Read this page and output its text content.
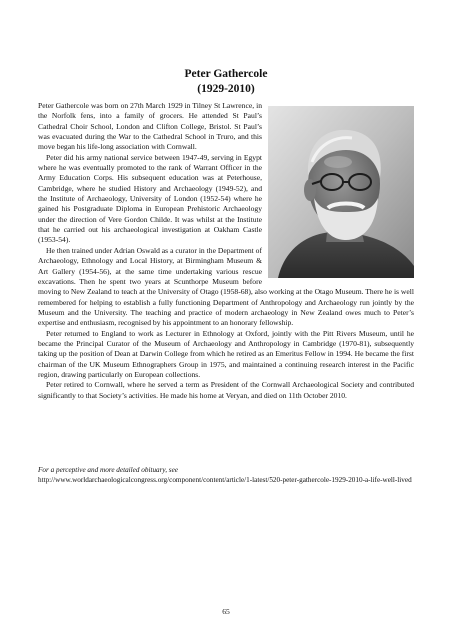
Peter Gathercole
(1929-2010)

Peter Gathercole was born on 27th March 1929 in Tilney St Lawrence, in the Norfolk fens, into a family of grocers. He attended St Paul’s Cathedral Choir School, London and Clifton College, Bristol. St Paul’s was evacuated during the War to the Cathedral School in Truro, and this move began his life-long association with Cornwall.

Peter did his army national service between 1947-49, serving in Egypt where he was eventually promoted to the rank of Warrant Officer in the Army Education Corps. His subsequent education was at Peterhouse, Cambridge, where he studied History and Archaeology (1949-52), and the Institute of Archaeology, University of London (1952-54) where he gained his Postgraduate Diploma in European Prehistoric Archaeology under the direction of Vere Gordon Childe. It was whilst at the Institute that he carried out his archaeological investigation at Oakham Castle (1953-54).

He then trained under Adrian Oswald as a curator in the Department of Archaeology, Ethnology and Local History, at Birmingham Museum & Art Gallery (1954-56), at the same time undertaking various rescue excavations. Then he spent two years at Scunthorpe Museum before moving to New Zealand to teach at the University of Otago (1958-68), also working at the Otago Museum. There he is well remembered for helping to establish a fully functioning Department of Anthropology and Archaeology run jointly by the Museum and the University. The teaching and practice of modern archaeology in New Zealand owes much to Peter’s expertise and enthusiasm, recognised by his appointment to an honorary fellowship.

Peter returned to England to work as Lecturer in Ethnology at Oxford, jointly with the Pitt Rivers Museum, until he became the Principal Curator of the Museum of Archaeology and Anthropology in Cambridge (1970-81), subsequently taking up the position of Dean at Darwin College from which he retired as an Emeritus Fellow in 1994. He became the first chairman of the UK Museum Ethnographers Group in 1975, and maintained a continuing research interest in the Pacific region, drawing particularly on European collections.

Peter retired to Cornwall, where he served a term as President of the Cornwall Archaeological Society and contributed significantly to that Society’s activities. He made his home at Veryan, and died on 11th October 2010.

For a perceptive and more detailed obituary, see
http://www.worldarchaeologicalcongress.org/component/content/article/1-latest/520-peter-gathercole-1929-2010-a-life-well-lived
65
